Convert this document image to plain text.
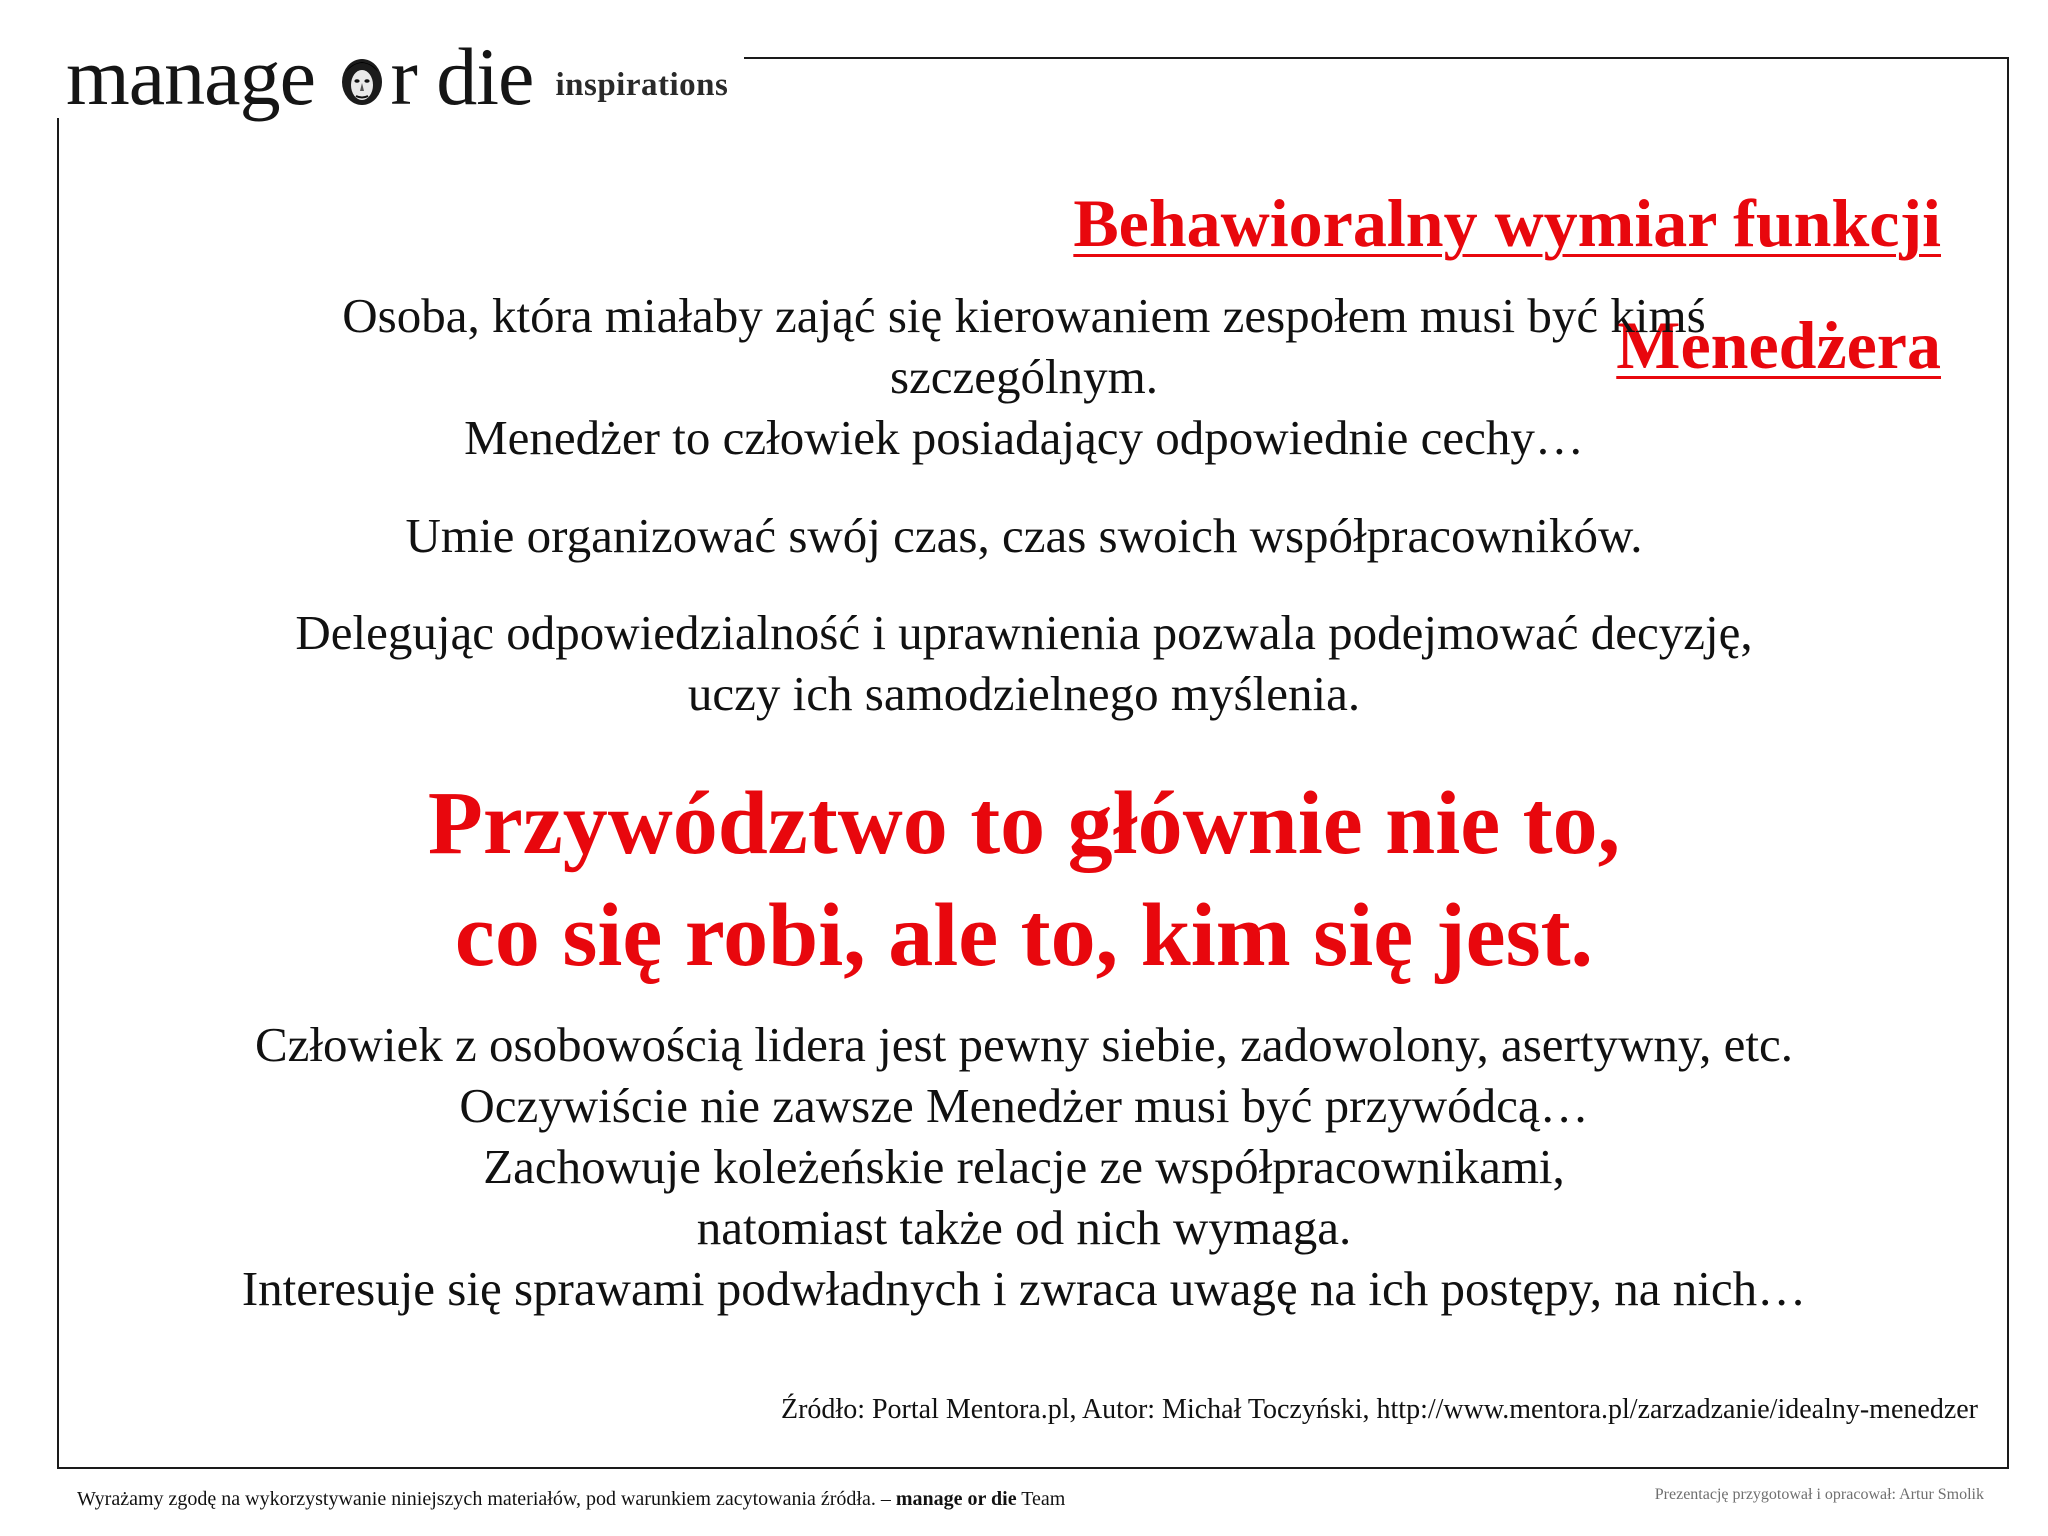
manage r die inspirations
Behawioralny wymiar funkcji
Menedżera
Osoba, która miałaby zająć się kierowaniem zespołem musi być kimś
szczególnym.
Menedżer to człowiek posiadający odpowiednie cechy…
Umie organizować swój czas, czas swoich współpracowników.
Delegując odpowiedzialność i uprawnienia pozwala podejmować decyzję,
uczy ich samodzielnego myślenia.
Przywództwo to głównie nie to,
co się robi, ale to, kim się jest.
Człowiek z osobowością lidera jest pewny siebie, zadowolony, asertywny, etc.
Oczywiście nie zawsze Menedżer musi być przywódcą…
Zachowuje koleżeńskie relacje ze współpracownikami,
natomiast także od nich wymaga.
Interesuje się sprawami podwładnych i zwraca uwagę na ich postępy, na nich…
Źródło: Portal Mentora.pl, Autor: Michał Toczyński, http://www.mentora.pl/zarzadzanie/idealny-menedzer
Wyrażamy zgodę na wykorzystywanie niniejszych materiałów, pod warunkiem zacytowania źródła. – manage or die Team	Prezentację przygotował i opracował: Artur Smolik
